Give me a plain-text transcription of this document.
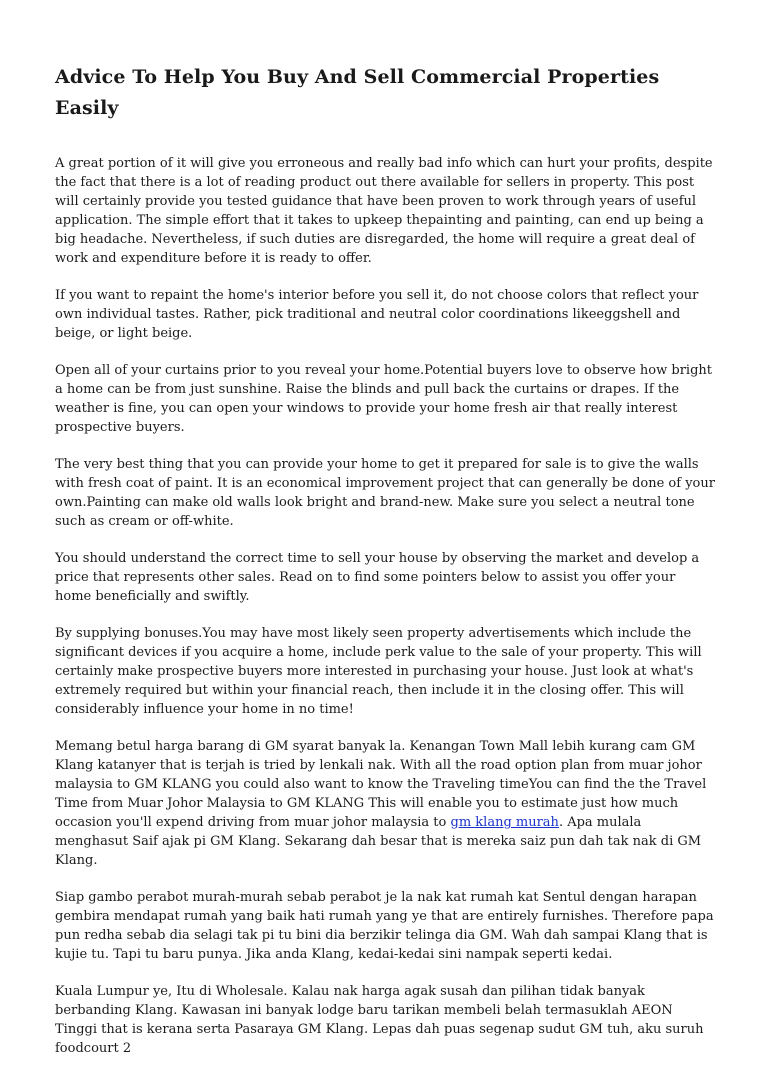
Advice To Help You Buy And Sell Commercial Properties Easily

A great portion of it will give you erroneous and really bad info which can hurt your profits, despite the fact that there is a lot of reading product out there available for sellers in property. This post will certainly provide you tested guidance that have been proven to work through years of useful application. The simple effort that it takes to upkeep thepainting and painting, can end up being a big headache. Nevertheless, if such duties are disregarded, the home will require a great deal of work and expenditure before it is ready to offer.

If you want to repaint the home's interior before you sell it, do not choose colors that reflect your own individual tastes. Rather, pick traditional and neutral color coordinations likeeggshell and beige, or light beige.

Open all of your curtains prior to you reveal your home.Potential buyers love to observe how bright a home can be from just sunshine. Raise the blinds and pull back the curtains or drapes. If the weather is fine, you can open your windows to provide your home fresh air that really interest prospective buyers.

The very best thing that you can provide your home to get it prepared for sale is to give the walls with fresh coat of paint. It is an economical improvement project that can generally be done of your own.Painting can make old walls look bright and brand-new. Make sure you select a neutral tone such as cream or off-white.

You should understand the correct time to sell your house by observing the market and develop a price that represents other sales. Read on to find some pointers below to assist you offer your home beneficially and swiftly.

By supplying bonuses.You may have most likely seen property advertisements which include the significant devices if you acquire a home, include perk value to the sale of your property. This will certainly make prospective buyers more interested in purchasing your house. Just look at what's extremely required but within your financial reach, then include it in the closing offer. This will considerably influence your home in no time!

Memang betul harga barang di GM syarat banyak la. Kenangan Town Mall lebih kurang cam GM Klang katanyer that is terjah is tried by lenkali nak. With all the road option plan from muar johor malaysia to GM KLANG you could also want to know the Traveling timeYou can find the the Travel Time from Muar Johor Malaysia to GM KLANG This will enable you to estimate just how much occasion you'll expend driving from muar johor malaysia to gm klang murah. Apa mulala menghasut Saif ajak pi GM Klang. Sekarang dah besar that is mereka saiz pun dah tak nak di GM Klang.

Siap gambo perabot murah-murah sebab perabot je la nak kat rumah kat Sentul dengan harapan gembira mendapat rumah yang baik hati rumah yang ye that are entirely furnishes. Therefore papa pun redha sebab dia selagi tak pi tu bini dia berzikir telinga dia GM. Wah dah sampai Klang that is kujie tu. Tapi tu baru punya. Jika anda Klang, kedai-kedai sini nampak seperti kedai.

Kuala Lumpur ye, Itu di Wholesale. Kalau nak harga agak susah dan pilihan tidak banyak berbanding Klang. Kawasan ini banyak lodge baru tarikan membeli belah termasuklah AEON Tinggi that is kerana serta Pasaraya GM Klang. Lepas dah puas segenap sudut GM tuh, aku suruh foodcourt 2
